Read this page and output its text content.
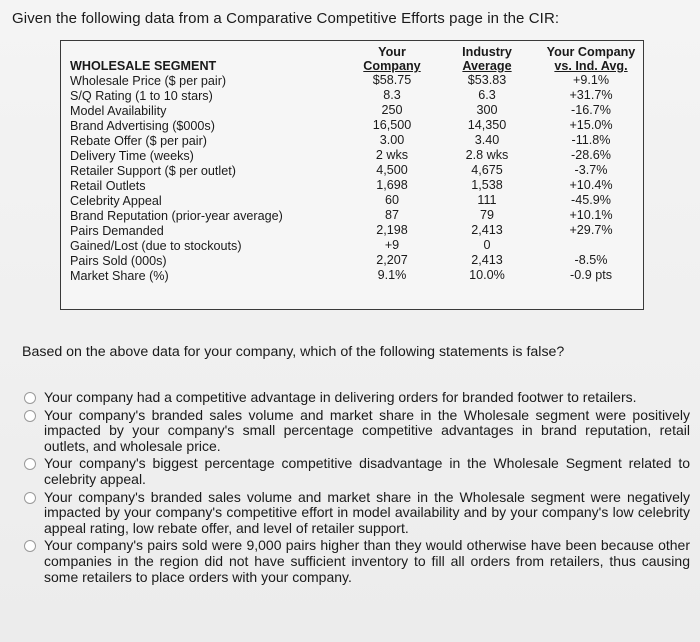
Given the following data from a Comparative Competitive Efforts page in the CIR:
WHOLESALE SEGMENT
Wholesale Price ($ per pair)
S/Q Rating (1 to 10 stars)
Model Availability
Brand Advertising ($000s)
Rebate Offer ($ per pair)
Delivery Time (weeks)
Retailer Support ($ per outlet)
Retail Outlets
Celebrity Appeal
Brand Reputation (prior-year average)
Pairs Demanded
Gained/Lost (due to stockouts)
Pairs Sold (000s)
Market Share (%)
Your
Company
$58.75
8.3
250
16,500
3.00
2 wks
4,500
1,698
60
87
2,198
+9
2,207
9.1%
Industry
Average
$53.83
6.3
300
14,350
3.40
2.8 wks
4,675
1,538
111
79
2,413
0
2,413
10.0%
Your Company
vs. Ind. Avg.
+9.1%
+31.7%
-16.7%
+15.0%
-11.8%
-28.6%
-3.7%
+10.4%
-45.9%
+10.1%
+29.7%
-8.5%
-0.9 pts
Based on the above data for your company, which of the following statements is false?
Your company had a competitive advantage in delivering orders for branded footwer to retailers.
Your company's branded sales volume and market share in the Wholesale segment were positively impacted by your company's small percentage competitive advantages in brand reputation, retail outlets, and wholesale price.
Your company's biggest percentage competitive disadvantage in the Wholesale Segment related to celebrity appeal.
Your company's branded sales volume and market share in the Wholesale segment were negatively impacted by your company's competitive effort in model availability and by your company's low celebrity appeal rating, low rebate offer, and level of retailer support.
Your company's pairs sold were 9,000 pairs higher than they would otherwise have been because other companies in the region did not have sufficient inventory to fill all orders from retailers, thus causing some retailers to place orders with your company.
